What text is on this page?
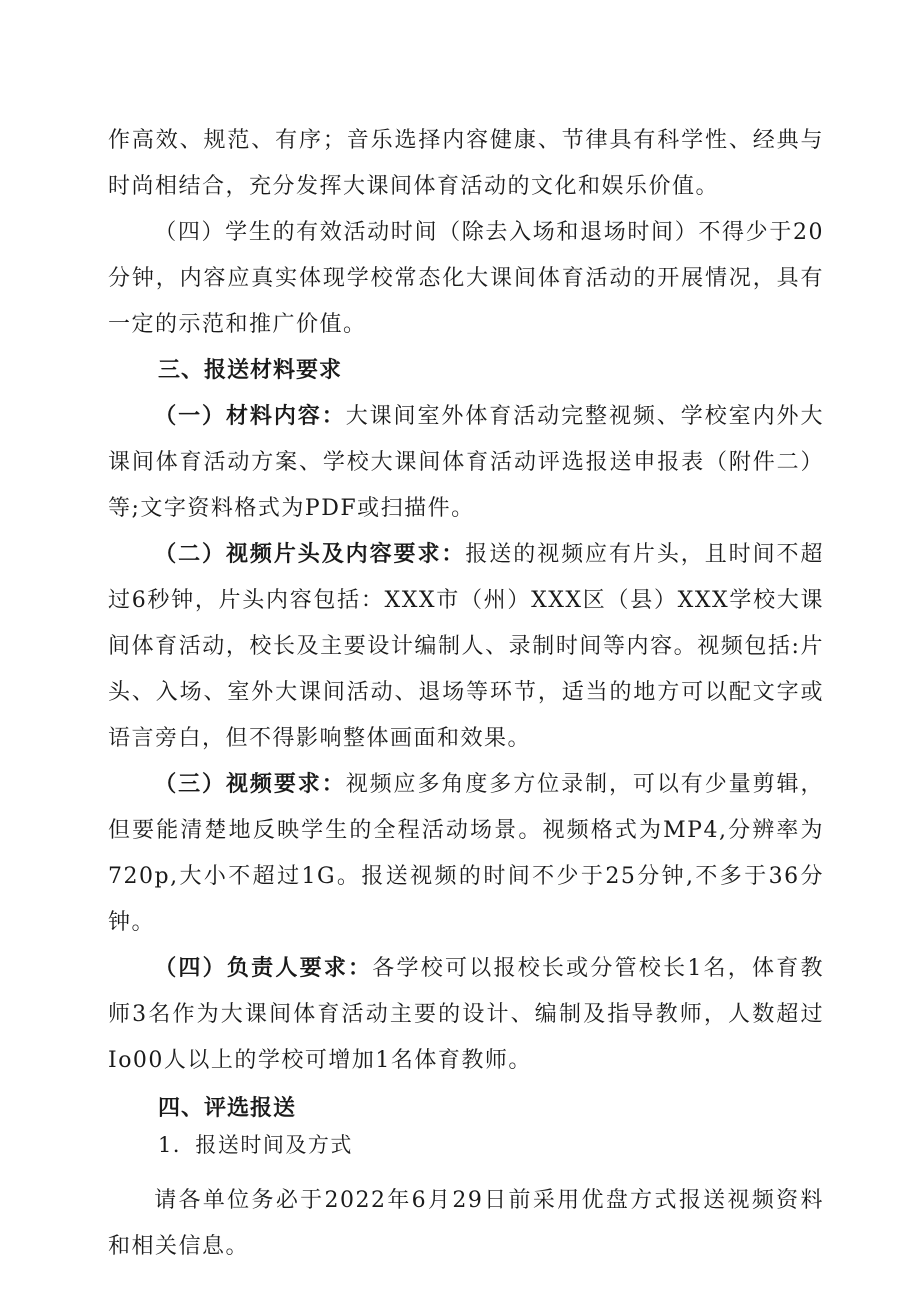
作高效、规范、有序；音乐选择内容健康、节律具有科学性、经典与时尚相结合，充分发挥大课间体育活动的文化和娱乐价值。

（四）学生的有效活动时间（除去入场和退场时间）不得少于20分钟，内容应真实体现学校常态化大课间体育活动的开展情况，具有一定的示范和推广价值。

三、报送材料要求

（一）材料内容：大课间室外体育活动完整视频、学校室内外大课间体育活动方案、学校大课间体育活动评选报送申报表（附件二）等;文字资料格式为PDF或扫描件。

（二）视频片头及内容要求：报送的视频应有片头，且时间不超过6秒钟，片头内容包括：XXX市（州）XXX区（县）XXX学校大课间体育活动，校长及主要设计编制人、录制时间等内容。视频包括:片头、入场、室外大课间活动、退场等环节，适当的地方可以配文字或语言旁白，但不得影响整体画面和效果。

（三）视频要求：视频应多角度多方位录制，可以有少量剪辑，但要能清楚地反映学生的全程活动场景。视频格式为MP4,分辨率为720p,大小不超过1G。报送视频的时间不少于25分钟,不多于36分钟。

（四）负责人要求：各学校可以报校长或分管校长1名，体育教师3名作为大课间体育活动主要的设计、编制及指导教师，人数超过Io00人以上的学校可增加1名体育教师。

四、评选报送

1．报送时间及方式

请各单位务必于2022年6月29日前采用优盘方式报送视频资料和相关信息。
